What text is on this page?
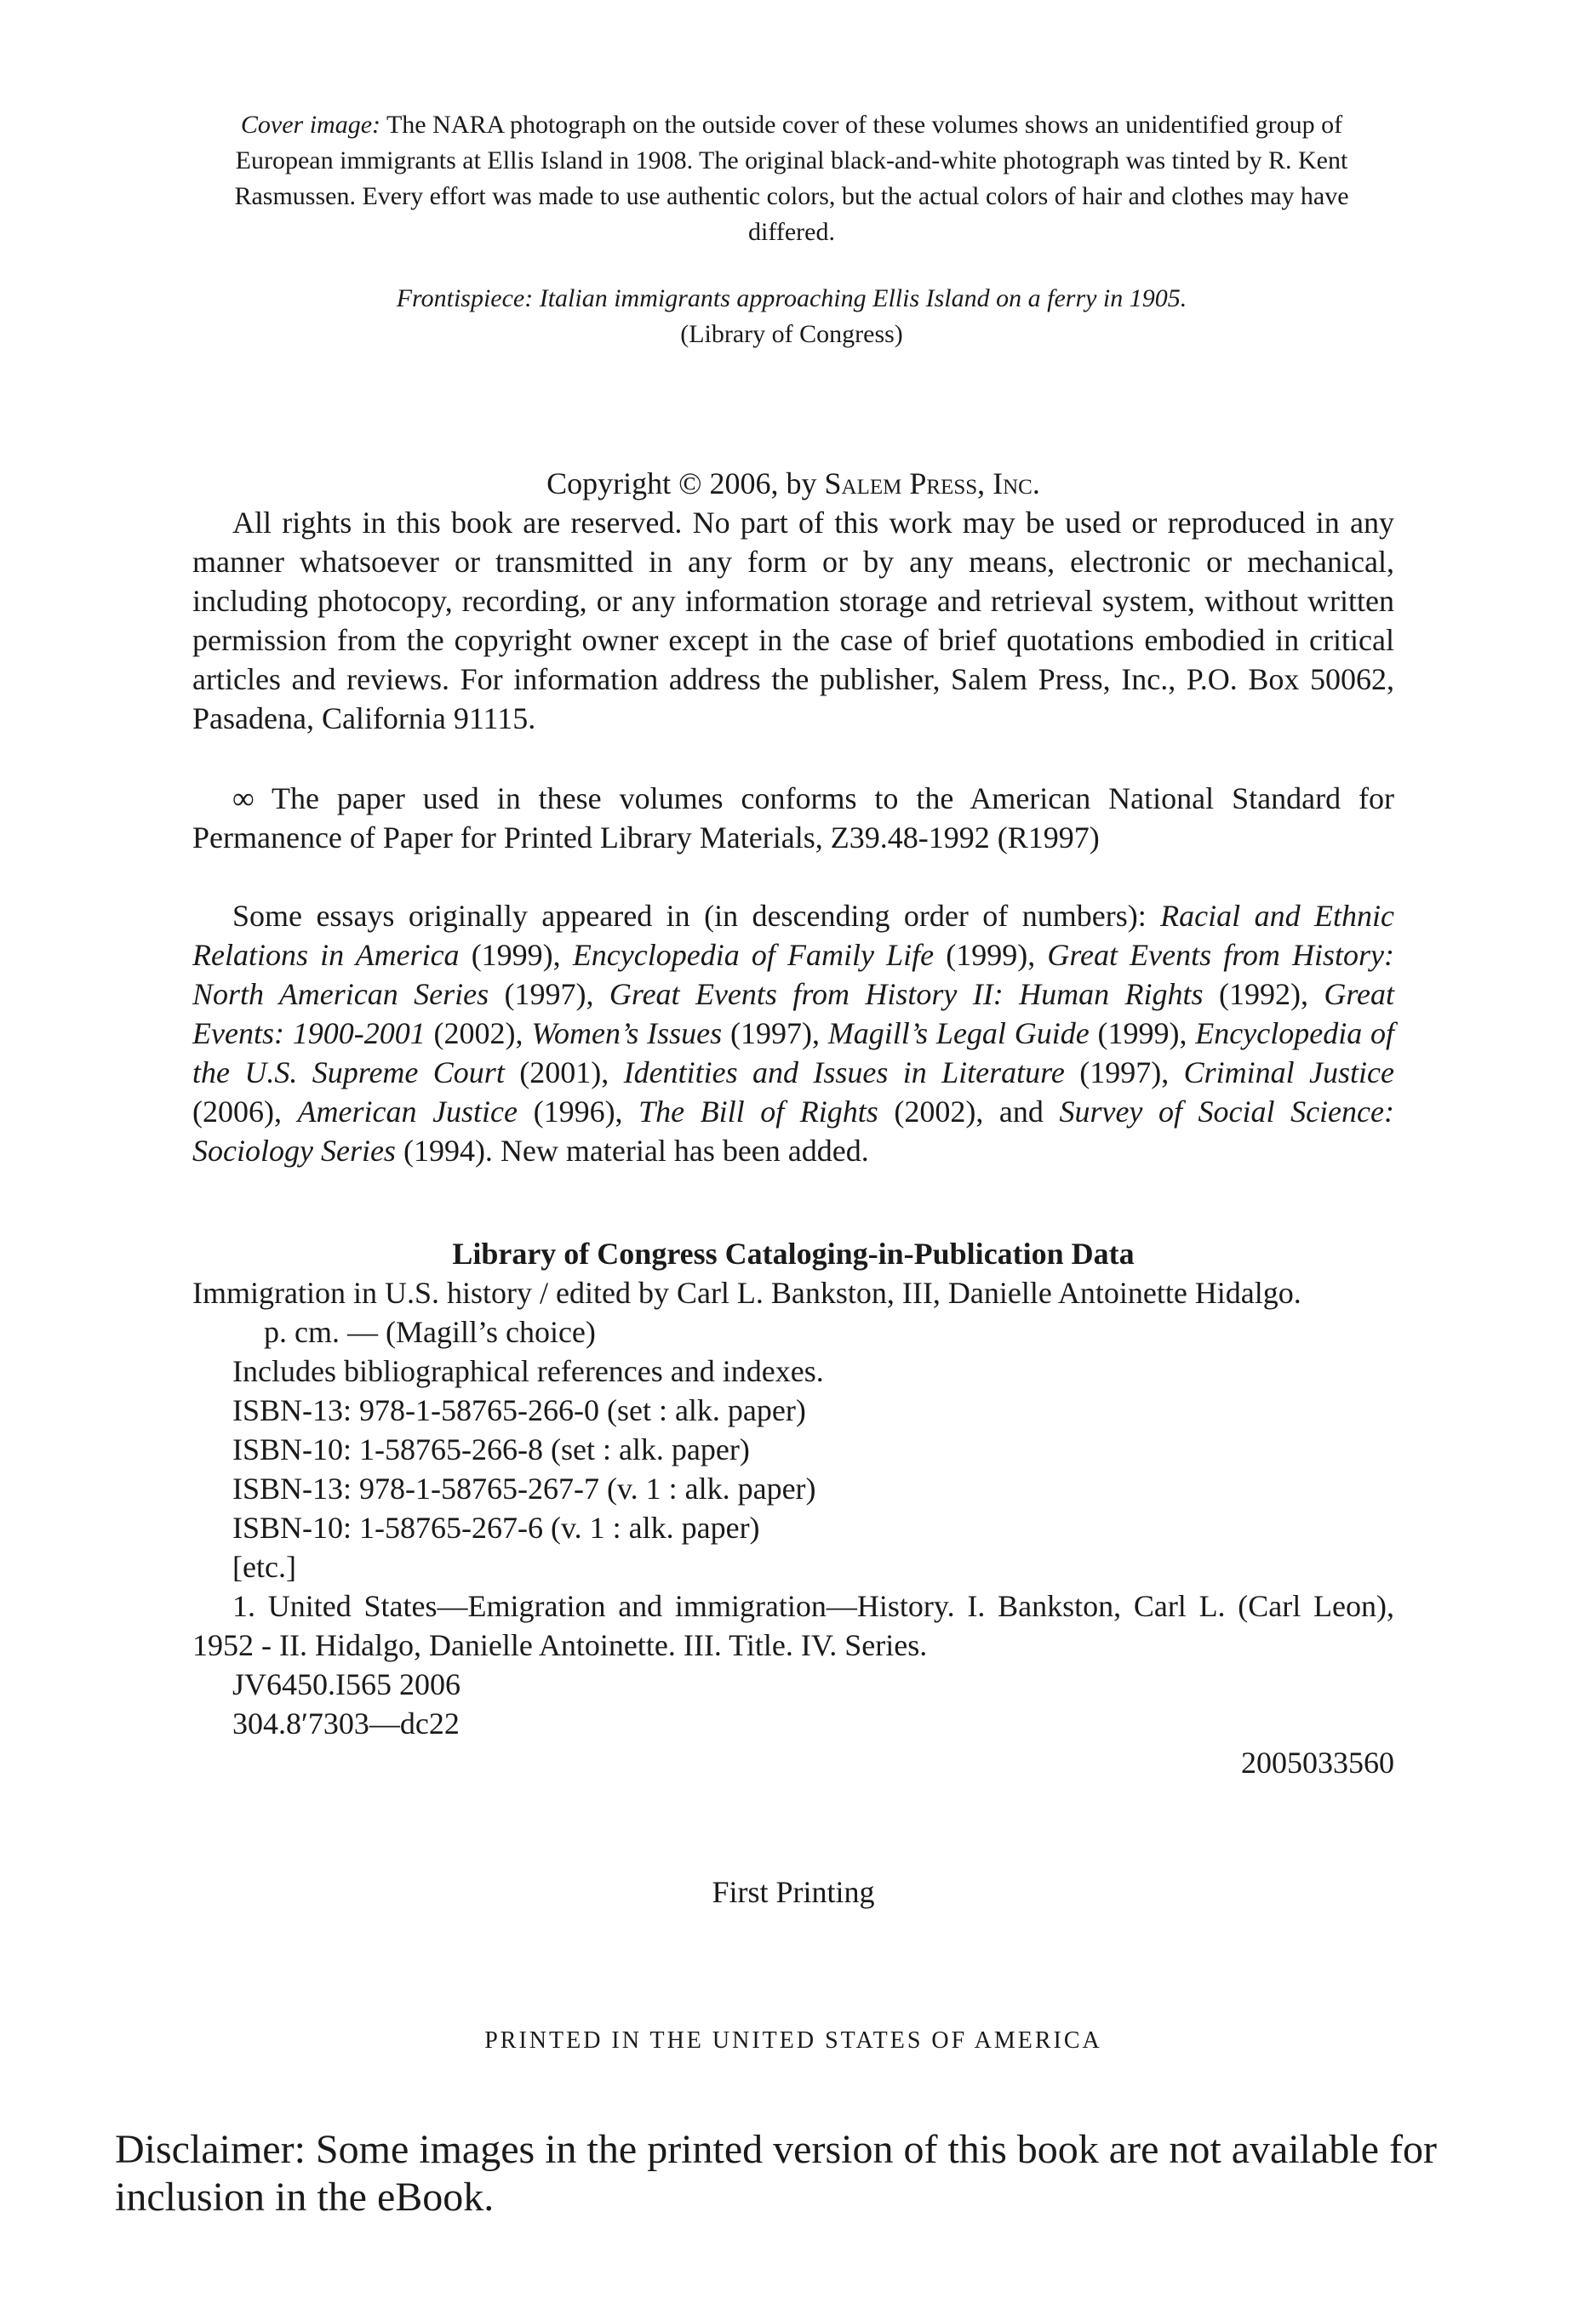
Cover image: The NARA photograph on the outside cover of these volumes shows an unidentified group of European immigrants at Ellis Island in 1908. The original black-and-white photograph was tinted by R. Kent Rasmussen. Every effort was made to use authentic colors, but the actual colors of hair and clothes may have differed.

Frontispiece: Italian immigrants approaching Ellis Island on a ferry in 1905.

(Library of Congress)

Copyright © 2006, by Salem Press, Inc.

All rights in this book are reserved. No part of this work may be used or reproduced in any manner whatsoever or transmitted in any form or by any means, electronic or mechanical, including photocopy, recording, or any information storage and retrieval system, without written permission from the copyright owner except in the case of brief quotations embodied in critical articles and reviews. For information address the publisher, Salem Press, Inc., P.O. Box 50062, Pasadena, California 91115.

∞ The paper used in these volumes conforms to the American National Standard for Permanence of Paper for Printed Library Materials, Z39.48-1992 (R1997)

Some essays originally appeared in (in descending order of numbers): Racial and Ethnic Relations in America (1999), Encyclopedia of Family Life (1999), Great Events from History: North American Series (1997), Great Events from History II: Human Rights (1992), Great Events: 1900-2001 (2002), Women’s Issues (1997), Magill’s Legal Guide (1999), Encyclopedia of the U.S. Supreme Court (2001), Identities and Issues in Literature (1997), Criminal Justice (2006), American Justice (1996), The Bill of Rights (2002), and Survey of Social Science: Sociology Series (1994). New material has been added.

Library of Congress Cataloging-in-Publication Data

Immigration in U.S. history / edited by Carl L. Bankston, III, Danielle Antoinette Hidalgo.

p. cm. — (Magill’s choice)

Includes bibliographical references and indexes.

ISBN-13: 978-1-58765-266-0 (set : alk. paper)

ISBN-10: 1-58765-266-8 (set : alk. paper)

ISBN-13: 978-1-58765-267-7 (v. 1 : alk. paper)

ISBN-10: 1-58765-267-6 (v. 1 : alk. paper)

[etc.]

1. United States—Emigration and immigration—History. I. Bankston, Carl L. (Carl Leon), 1952 - II. Hidalgo, Danielle Antoinette. III. Title. IV. Series.

JV6450.I565 2006

304.8′7303—dc22

2005033560

First Printing

PRINTED IN THE UNITED STATES OF AMERICA

Disclaimer: Some images in the printed version of this book are not available for inclusion in the eBook.
